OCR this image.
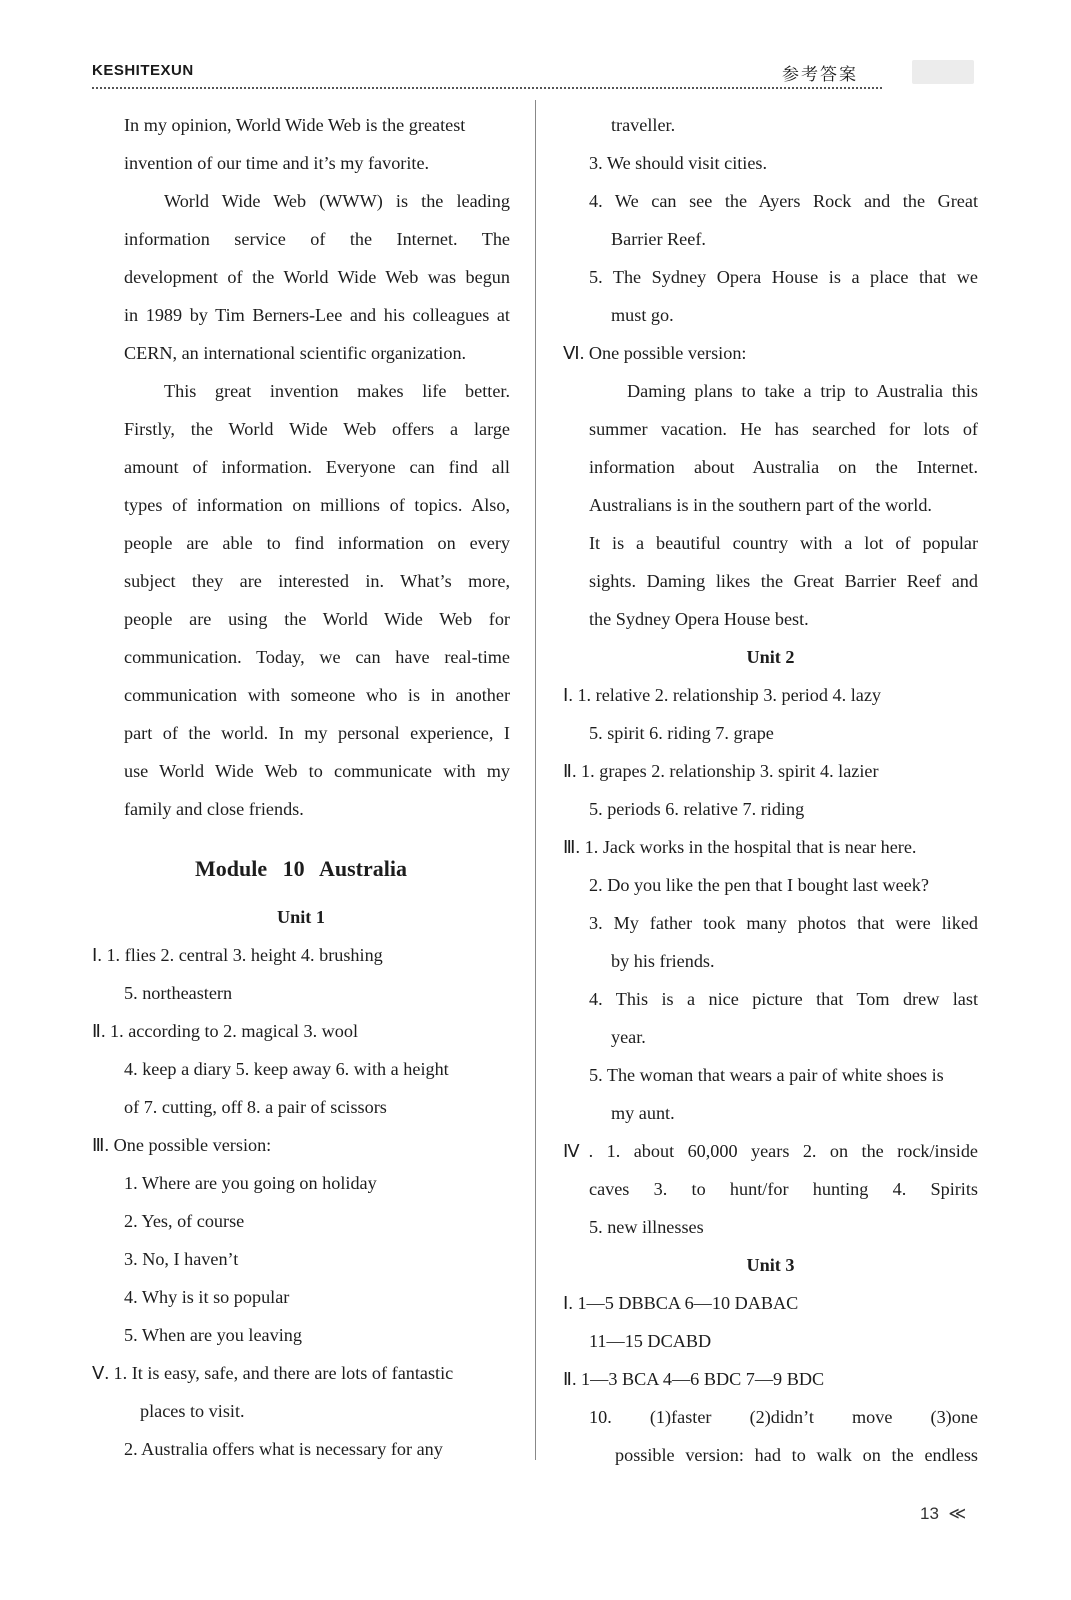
KESHITEXUN	参考答案
In my opinion, World Wide Web is the greatest
invention of our time and it’s my favorite.
World Wide Web (WWW) is the leading
information service of the Internet. The
development of the World Wide Web was begun
in 1989 by Tim Berners-Lee and his colleagues at
CERN, an international scientific organization.
This great invention makes life better.
Firstly, the World Wide Web offers a large
amount of information. Everyone can find all
types of information on millions of topics. Also,
people are able to find information on every
subject they are interested in. What’s more,
people are using the World Wide Web for
communication. Today, we can have real-time
communication with someone who is in another
part of the world. In my personal experience, I
use World Wide Web to communicate with my
family and close friends.
Module 10 Australia
Unit 1
Ⅰ. 1. flies 2. central 3. height 4. brushing
5. northeastern
Ⅱ. 1. according to 2. magical 3. wool
4. keep a diary 5. keep away 6. with a height
of 7. cutting, off 8. a pair of scissors
Ⅲ. One possible version:
1. Where are you going on holiday
2. Yes, of course
3. No, I haven’t
4. Why is it so popular
5. When are you leaving
Ⅴ. 1. It is easy, safe, and there are lots of fantastic
places to visit.
2. Australia offers what is necessary for any
traveller.
3. We should visit cities.
4. We can see the Ayers Rock and the Great
Barrier Reef.
5. The Sydney Opera House is a place that we
must go.
Ⅵ. One possible version:
Daming plans to take a trip to Australia this
summer vacation. He has searched for lots of
information about Australia on the Internet.
Australians is in the southern part of the world.
It is a beautiful country with a lot of popular
sights. Daming likes the Great Barrier Reef and
the Sydney Opera House best.
Unit 2
Ⅰ. 1. relative 2. relationship 3. period 4. lazy
5. spirit 6. riding 7. grape
Ⅱ. 1. grapes 2. relationship 3. spirit 4. lazier
5. periods 6. relative 7. riding
Ⅲ. 1. Jack works in the hospital that is near here.
2. Do you like the pen that I bought last week?
3. My father took many photos that were liked
by his friends.
4. This is a nice picture that Tom drew last
year.
5. The woman that wears a pair of white shoes is
my aunt.
Ⅳ. 1. about 60,000 years 2. on the rock/inside
caves 3. to hunt/for hunting 4. Spirits
5. new illnesses
Unit 3
Ⅰ. 1—5 DBBCA 6—10 DABAC
11—15 DCABD
Ⅱ. 1—3 BCA 4—6 BDC 7—9 BDC
10. (1)faster (2)didn’t move (3)one
possible version: had to walk on the endless
13  ≪
